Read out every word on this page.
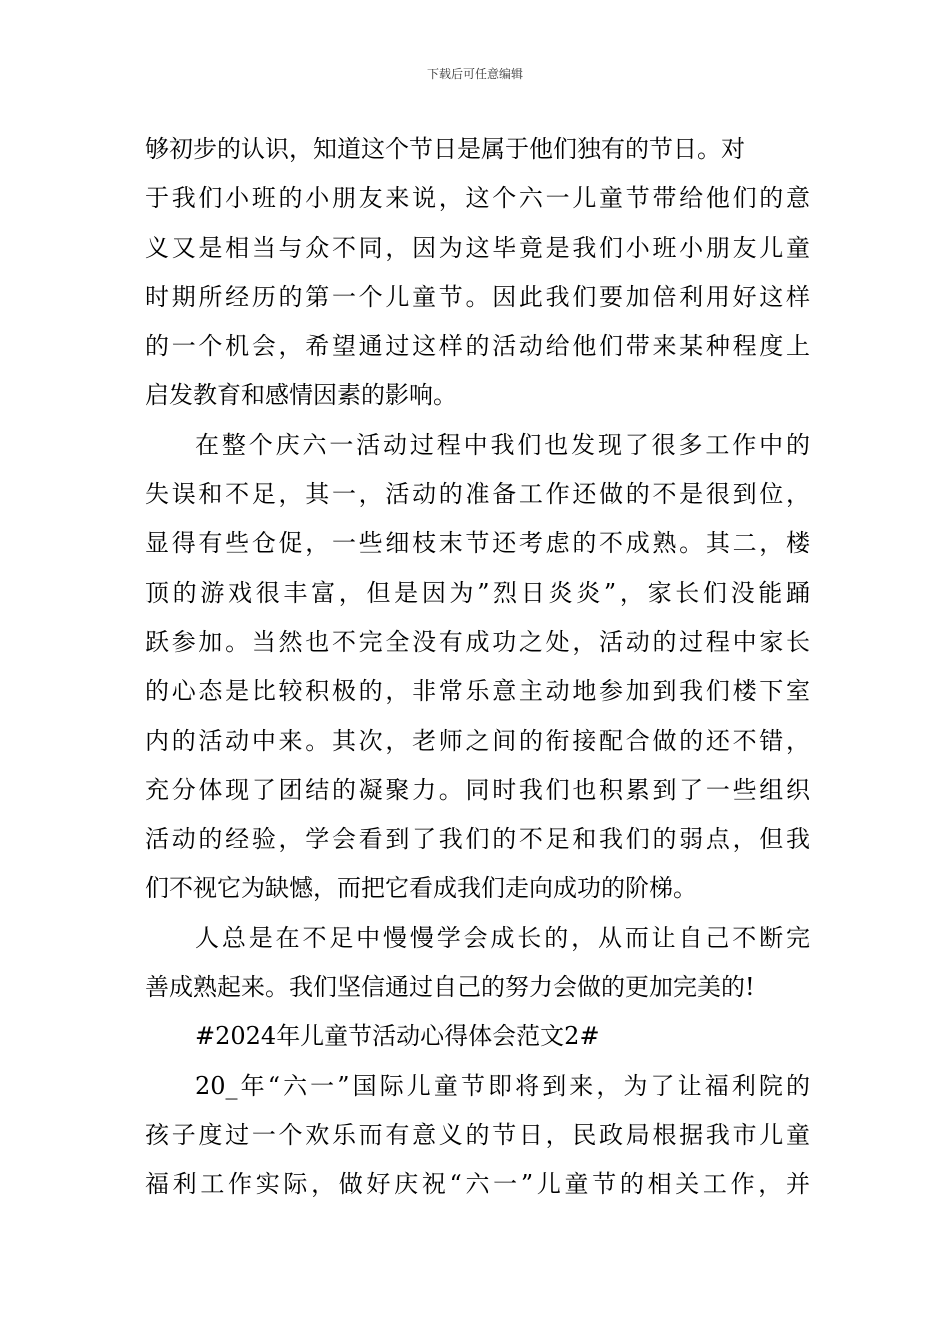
下载后可任意编辑
够初步的认识，知道这个节日是属于他们独有的节日。对
于我们小班的小朋友来说，这个六一儿童节带给他们的意
义又是相当与众不同，因为这毕竟是我们小班小朋友儿童
时期所经历的第一个儿童节。因此我们要加倍利用好这样
的一个机会，希望通过这样的活动给他们带来某种程度上
启发教育和感情因素的影响。
在整个庆六一活动过程中我们也发现了很多工作中的
失误和不足，其一，活动的准备工作还做的不是很到位，
显得有些仓促，一些细枝末节还考虑的不成熟。其二，楼
顶的游戏很丰富，但是因为”烈日炎炎”，家长们没能踊
跃参加。当然也不完全没有成功之处，活动的过程中家长
的心态是比较积极的，非常乐意主动地参加到我们楼下室
内的活动中来。其次，老师之间的衔接配合做的还不错，
充分体现了团结的凝聚力。同时我们也积累到了一些组织
活动的经验，学会看到了我们的不足和我们的弱点，但我
们不视它为缺憾，而把它看成我们走向成功的阶梯。
人总是在不足中慢慢学会成长的，从而让自己不断完
善成熟起来。我们坚信通过自己的努力会做的更加完美的!
#2024年儿童节活动心得体会范文2#
20_年“六一”国际儿童节即将到来，为了让福利院的
孩子度过一个欢乐而有意义的节日，民政局根据我市儿童
福利工作实际，做好庆祝“六一”儿童节的相关工作，并
